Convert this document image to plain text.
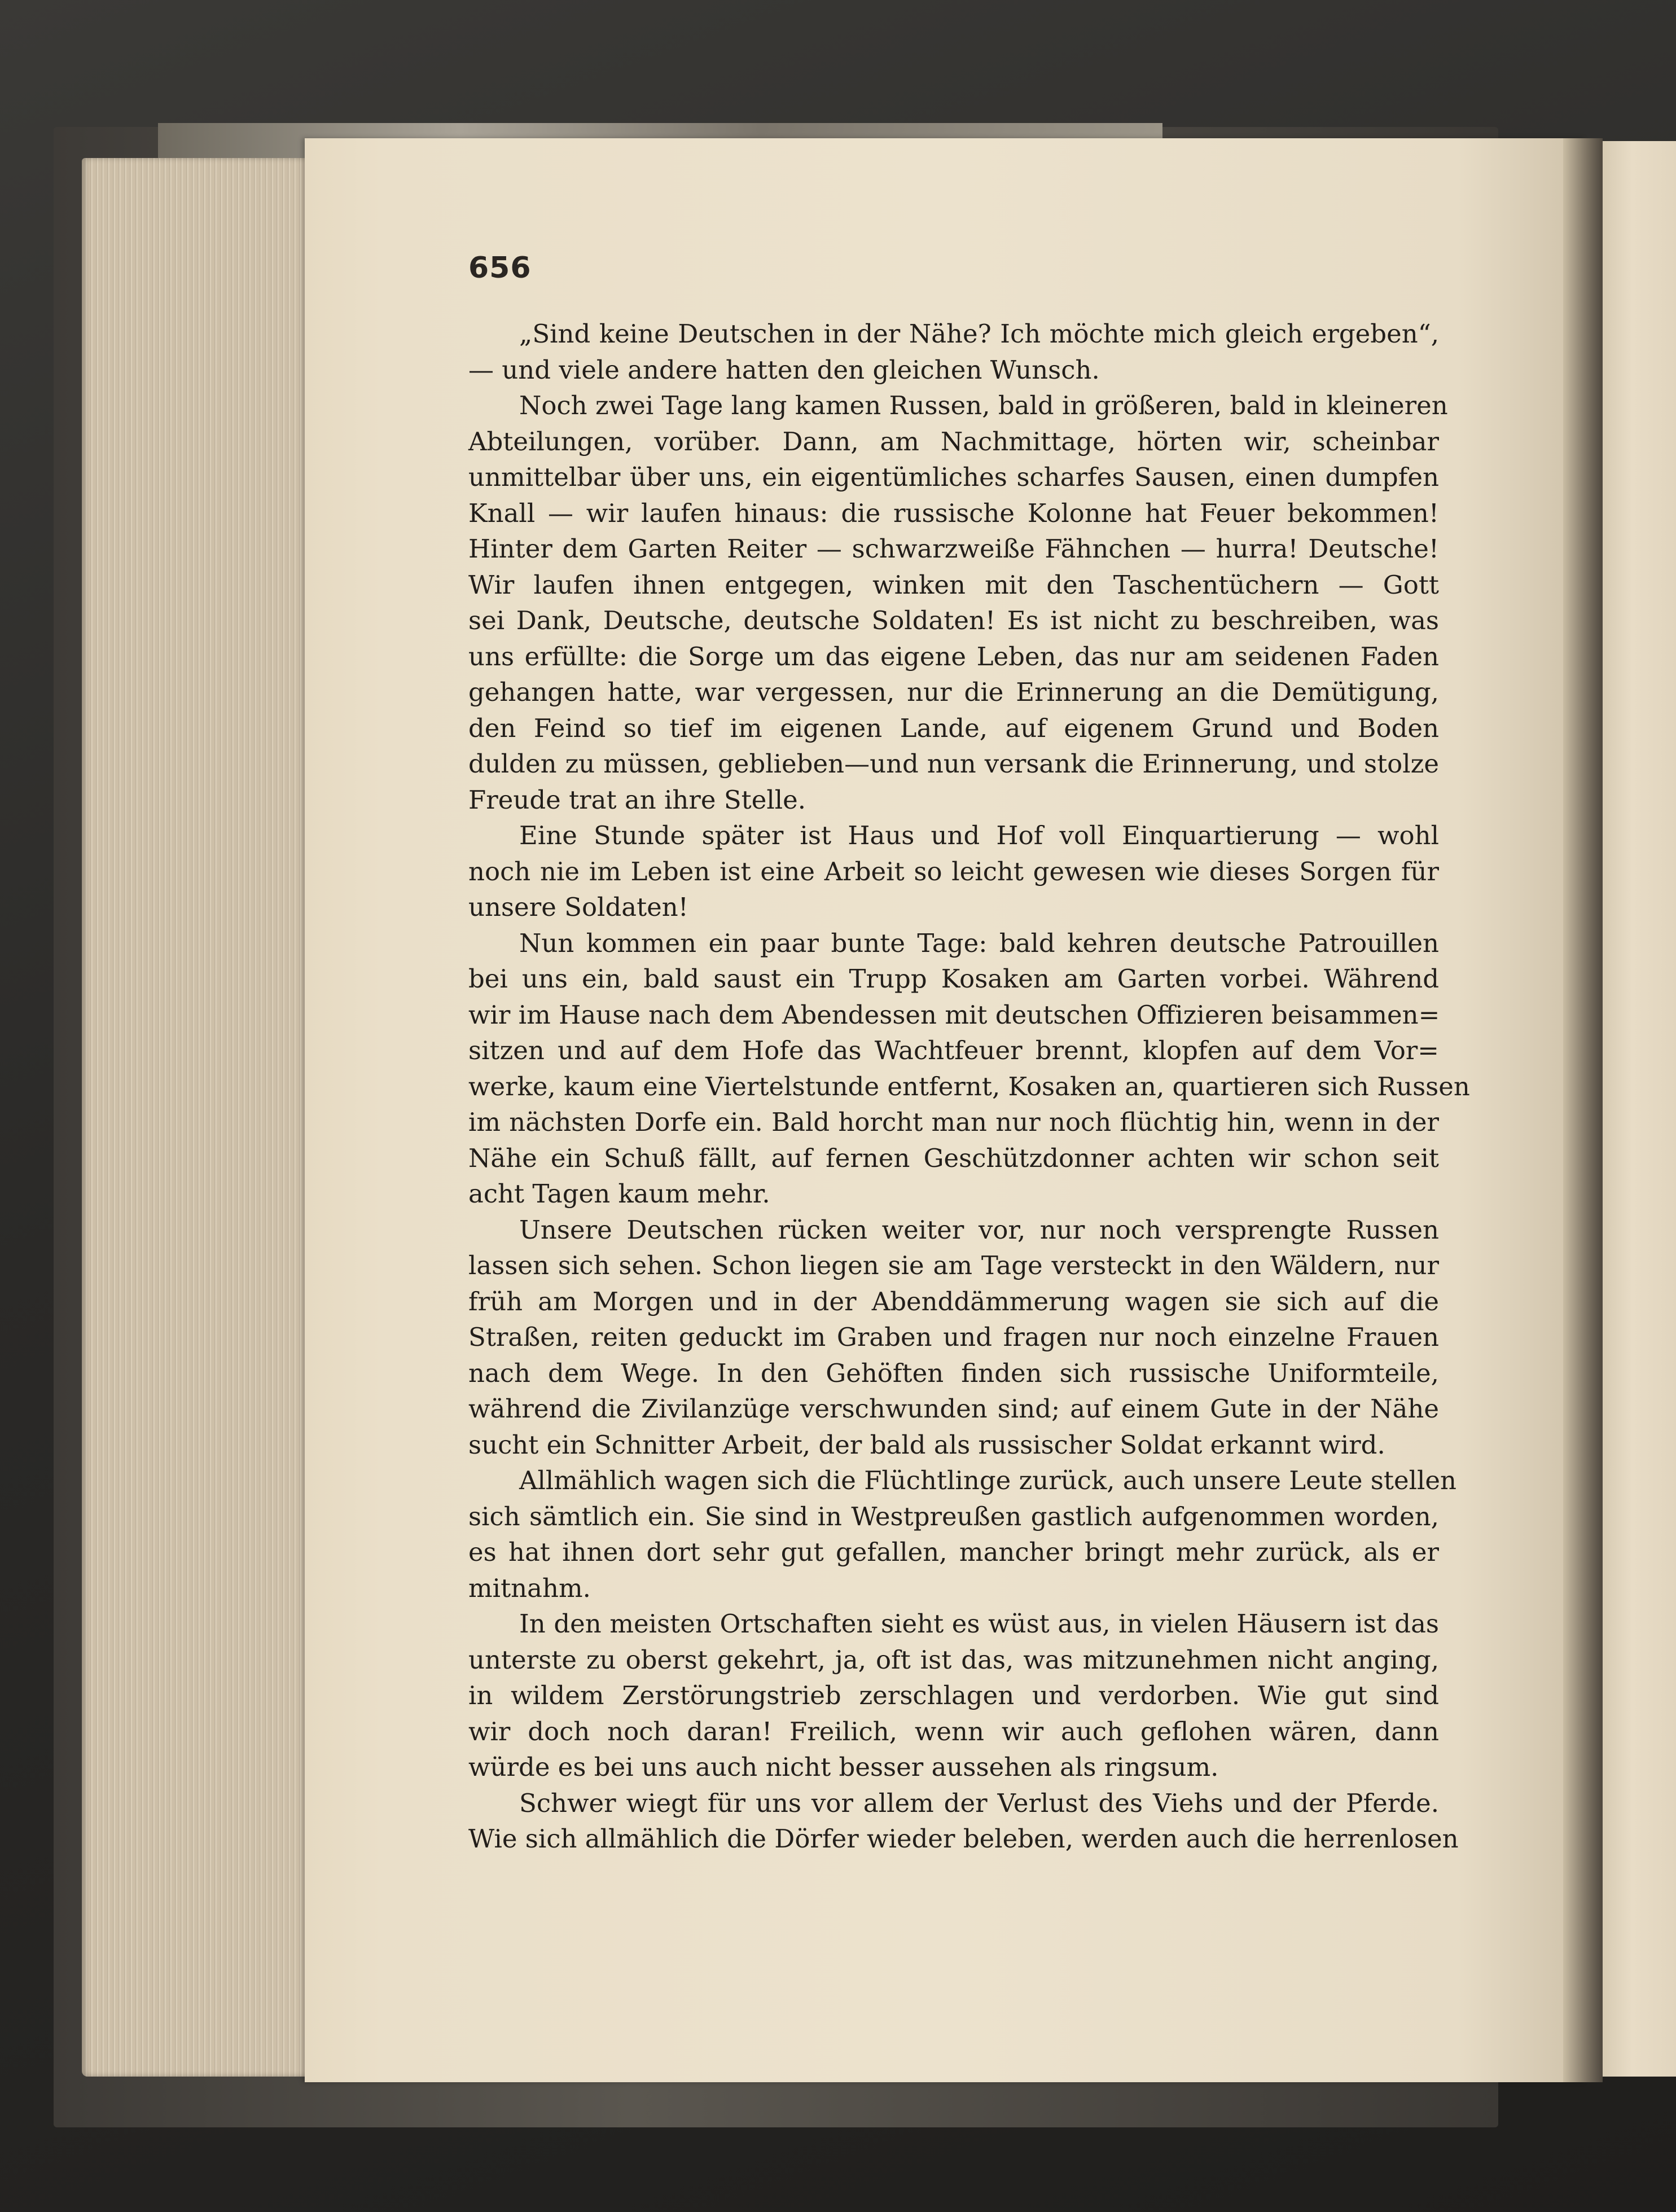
656
„Sind keine Deutschen in der Nähe? Ich möchte mich gleich ergeben“,
— und viele andere hatten den gleichen Wunsch.
Noch zwei Tage lang kamen Russen, bald in größeren, bald in kleineren
Abteilungen, vorüber. Dann, am Nachmittage, hörten wir, scheinbar
unmittelbar über uns, ein eigentümliches scharfes Sausen, einen dumpfen
Knall — wir laufen hinaus: die russische Kolonne hat Feuer bekommen!
Hinter dem Garten Reiter — schwarzweiße Fähnchen — hurra! Deutsche!
Wir laufen ihnen entgegen, winken mit den Taschentüchern — Gott
sei Dank, Deutsche, deutsche Soldaten! Es ist nicht zu beschreiben, was
uns erfüllte: die Sorge um das eigene Leben, das nur am seidenen Faden
gehangen hatte, war vergessen, nur die Erinnerung an die Demütigung,
den Feind so tief im eigenen Lande, auf eigenem Grund und Boden
dulden zu müssen, geblieben—und nun versank die Erinnerung, und stolze
Freude trat an ihre Stelle.
Eine Stunde später ist Haus und Hof voll Einquartierung — wohl
noch nie im Leben ist eine Arbeit so leicht gewesen wie dieses Sorgen für
unsere Soldaten!
Nun kommen ein paar bunte Tage: bald kehren deutsche Patrouillen
bei uns ein, bald saust ein Trupp Kosaken am Garten vorbei. Während
wir im Hause nach dem Abendessen mit deutschen Offizieren beisammen=
sitzen und auf dem Hofe das Wachtfeuer brennt, klopfen auf dem Vor=
werke, kaum eine Viertelstunde entfernt, Kosaken an, quartieren sich Russen
im nächsten Dorfe ein. Bald horcht man nur noch flüchtig hin, wenn in der
Nähe ein Schuß fällt, auf fernen Geschützdonner achten wir schon seit
acht Tagen kaum mehr.
Unsere Deutschen rücken weiter vor, nur noch versprengte Russen
lassen sich sehen. Schon liegen sie am Tage versteckt in den Wäldern, nur
früh am Morgen und in der Abenddämmerung wagen sie sich auf die
Straßen, reiten geduckt im Graben und fragen nur noch einzelne Frauen
nach dem Wege. In den Gehöften finden sich russische Uniformteile,
während die Zivilanzüge verschwunden sind; auf einem Gute in der Nähe
sucht ein Schnitter Arbeit, der bald als russischer Soldat erkannt wird.
Allmählich wagen sich die Flüchtlinge zurück, auch unsere Leute stellen
sich sämtlich ein. Sie sind in Westpreußen gastlich aufgenommen worden,
es hat ihnen dort sehr gut gefallen, mancher bringt mehr zurück, als er
mitnahm.
In den meisten Ortschaften sieht es wüst aus, in vielen Häusern ist das
unterste zu oberst gekehrt, ja, oft ist das, was mitzunehmen nicht anging,
in wildem Zerstörungstrieb zerschlagen und verdorben. Wie gut sind
wir doch noch daran! Freilich, wenn wir auch geflohen wären, dann
würde es bei uns auch nicht besser aussehen als ringsum.
Schwer wiegt für uns vor allem der Verlust des Viehs und der Pferde.
Wie sich allmählich die Dörfer wieder beleben, werden auch die herrenlosen
